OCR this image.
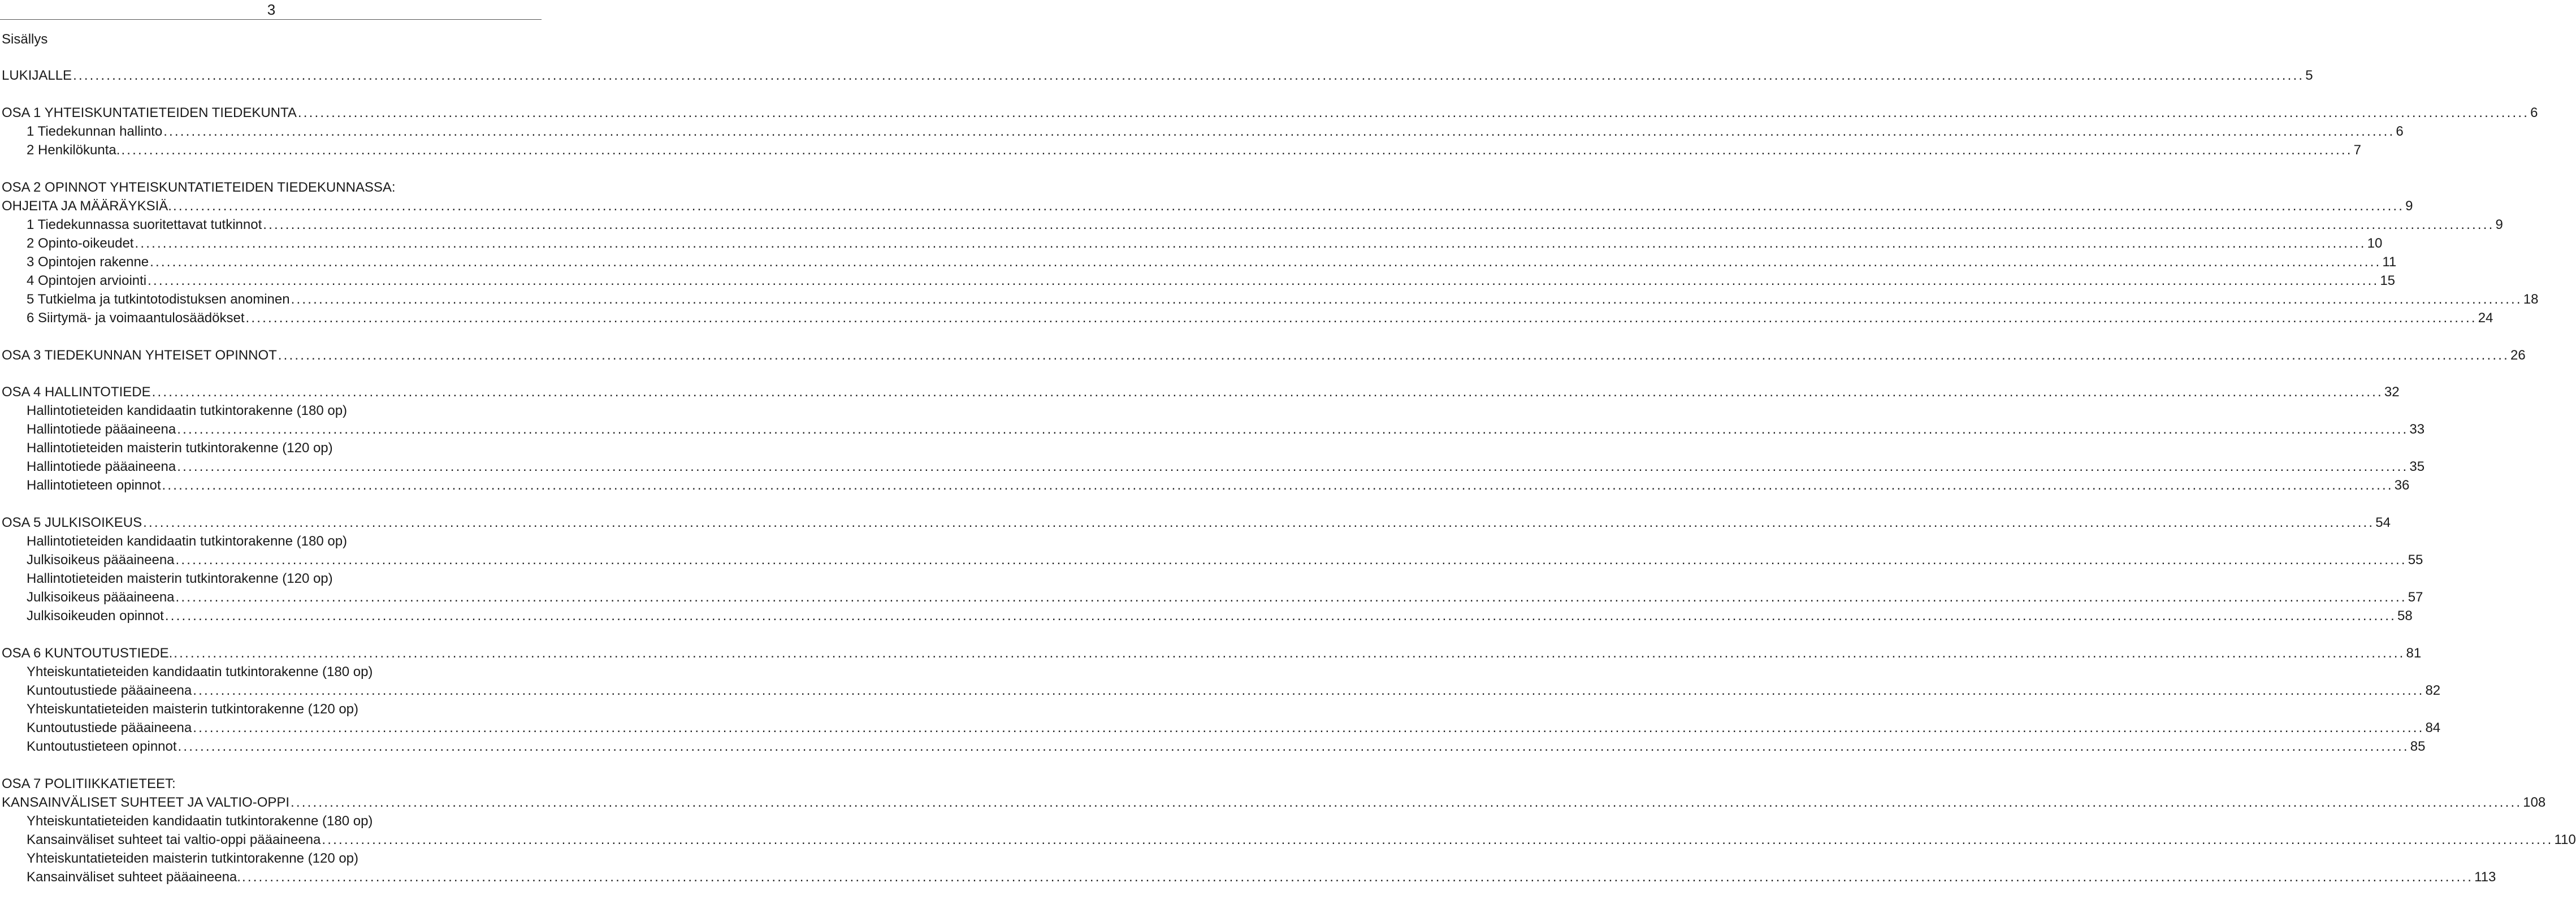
3
Sisällys
LUKIJALLE ................................................................................................................................................................................................................................................................................................................................................................................................................ 5
OSA 1 YHTEISKUNTATIETEIDEN TIEDEKUNTA ................................................................................................................................................................................................................................................................................................................................................................................................................ 6
1 Tiedekunnan hallinto ................................................................................................................................................................................................................................................................................................................................................................................................................ 6
2 Henkilökunta. ................................................................................................................................................................................................................................................................................................................................................................................................................ 7
OSA 2 OPINNOT YHTEISKUNTATIETEIDEN TIEDEKUNNASSA:
OHJEITA JA MÄÄRÄYKSIÄ. ................................................................................................................................................................................................................................................................................................................................................................................................................ 9
1 Tiedekunnassa suoritettavat tutkinnot ................................................................................................................................................................................................................................................................................................................................................................................................................ 9
2 Opinto-oikeudet ................................................................................................................................................................................................................................................................................................................................................................................................................ 10
3 Opintojen rakenne ................................................................................................................................................................................................................................................................................................................................................................................................................ 11
4 Opintojen arviointi ................................................................................................................................................................................................................................................................................................................................................................................................................ 15
5 Tutkielma ja tutkintotodistuksen anominen ................................................................................................................................................................................................................................................................................................................................................................................................................ 18
6 Siirtymä- ja voimaantulosäädökset ................................................................................................................................................................................................................................................................................................................................................................................................................ 24
OSA 3 TIEDEKUNNAN YHTEISET OPINNOT ................................................................................................................................................................................................................................................................................................................................................................................................................ 26
OSA 4 HALLINTOTIEDE ................................................................................................................................................................................................................................................................................................................................................................................................................ 32
Hallintotieteiden kandidaatin tutkintorakenne (180 op)
Hallintotiede pääaineena ................................................................................................................................................................................................................................................................................................................................................................................................................ 33
Hallintotieteiden maisterin tutkintorakenne (120 op)
Hallintotiede pääaineena ................................................................................................................................................................................................................................................................................................................................................................................................................ 35
Hallintotieteen opinnot ................................................................................................................................................................................................................................................................................................................................................................................................................ 36
OSA 5 JULKISOIKEUS ................................................................................................................................................................................................................................................................................................................................................................................................................ 54
Hallintotieteiden kandidaatin tutkintorakenne (180 op)
Julkisoikeus pääaineena ................................................................................................................................................................................................................................................................................................................................................................................................................ 55
Hallintotieteiden maisterin tutkintorakenne (120 op)
Julkisoikeus pääaineena ................................................................................................................................................................................................................................................................................................................................................................................................................ 57
Julkisoikeuden opinnot ................................................................................................................................................................................................................................................................................................................................................................................................................ 58
OSA 6 KUNTOUTUSTIEDE. ................................................................................................................................................................................................................................................................................................................................................................................................................ 81
Yhteiskuntatieteiden kandidaatin tutkintorakenne (180 op)
Kuntoutustiede pääaineena ................................................................................................................................................................................................................................................................................................................................................................................................................ 82
Yhteiskuntatieteiden maisterin tutkintorakenne (120 op)
Kuntoutustiede pääaineena ................................................................................................................................................................................................................................................................................................................................................................................................................ 84
Kuntoutustieteen opinnot ................................................................................................................................................................................................................................................................................................................................................................................................................ 85
OSA 7 POLITIIKKATIETEET:
KANSAINVÄLISET SUHTEET JA VALTIO-OPPI ................................................................................................................................................................................................................................................................................................................................................................................................................ 108
Yhteiskuntatieteiden kandidaatin tutkintorakenne (180 op)
Kansainväliset suhteet tai valtio-oppi pääaineena ................................................................................................................................................................................................................................................................................................................................................................................................................ 110
Yhteiskuntatieteiden maisterin tutkintorakenne (120 op)
Kansainväliset suhteet pääaineena. ................................................................................................................................................................................................................................................................................................................................................................................................................ 113
